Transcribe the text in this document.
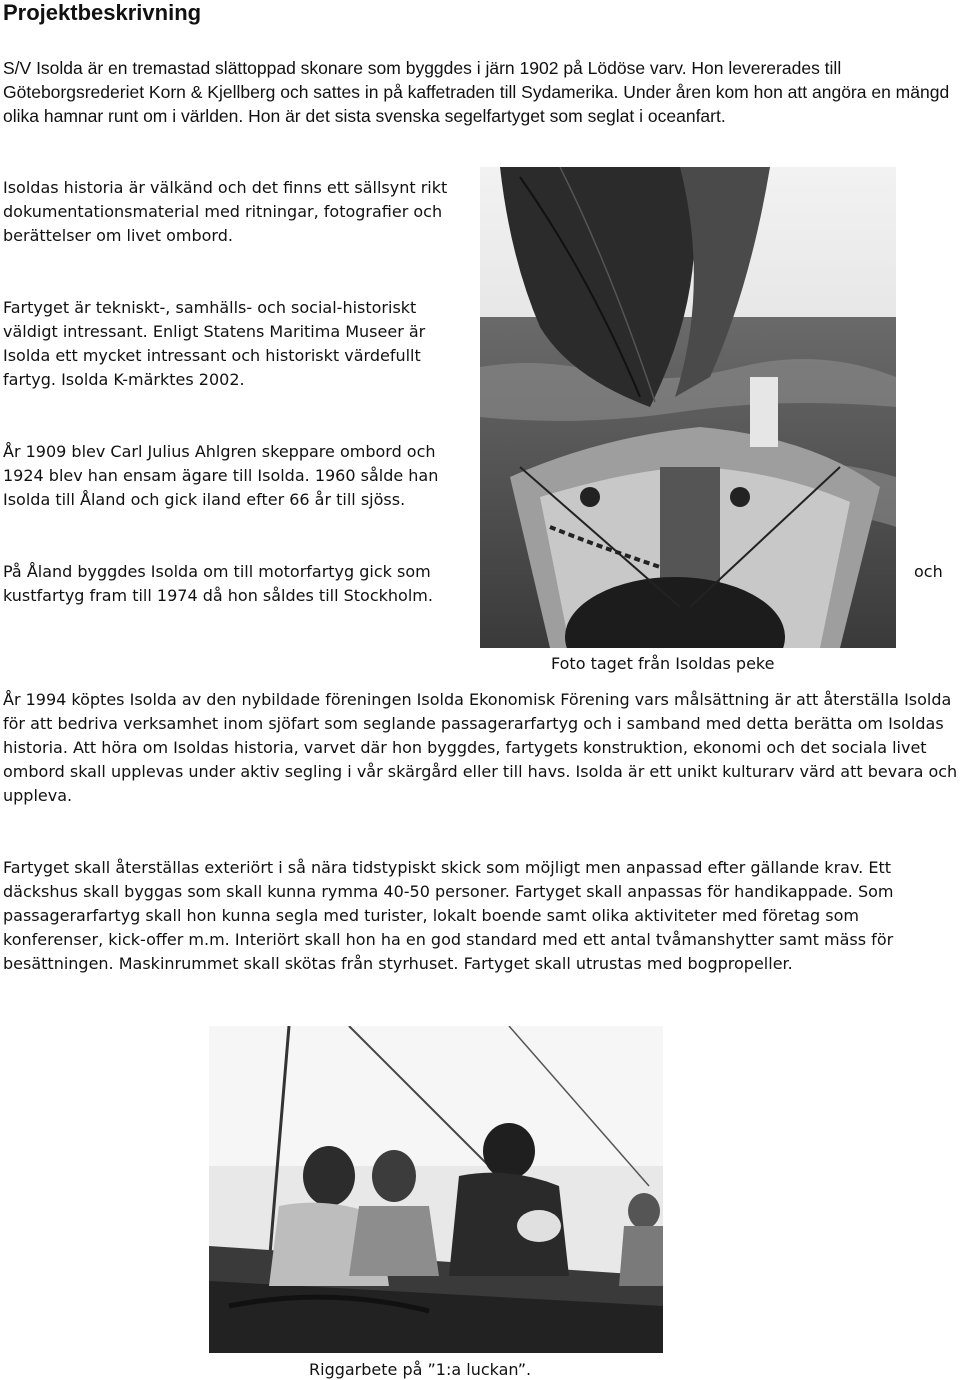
Projektbeskrivning

S/V Isolda är en tremastad slättoppad skonare som byggdes i järn 1902 på Lödöse varv. Hon levererades till Göteborgsrederiet Korn & Kjellberg och sattes in på kaffetraden till Sydamerika. Under åren kom hon att angöra en mängd olika hamnar runt om i världen. Hon är det sista svenska segelfartyget som seglat i oceanfart.

Isoldas historia är välkänd och det finns ett sällsynt rikt dokumentationsmaterial med ritningar, fotografier och berättelser om livet ombord.

Fartyget är tekniskt-, samhälls- och social-historiskt väldigt intressant. Enligt Statens Maritima Museer är Isolda ett mycket intressant och historiskt värdefullt fartyg. Isolda K-märktes 2002.

År 1909 blev Carl Julius Ahlgren skeppare ombord och 1924 blev han ensam ägare till Isolda. 1960 sålde han Isolda till Åland och gick iland efter 66 år till sjöss.

På Åland byggdes Isolda om till motorfartyg gick som kustfartyg fram till 1974 då hon såldes till Stockholm.

och
Foto taget från Isoldas peke

År 1994 köptes Isolda av den nybildade föreningen Isolda Ekonomisk Förening vars målsättning är att återställa Isolda för att bedriva verksamhet inom sjöfart som seglande passagerarfartyg och i samband med detta berätta om Isoldas historia. Att höra om Isoldas historia, varvet där hon byggdes, fartygets konstruktion, ekonomi och det sociala livet ombord skall upplevas under aktiv segling i vår skärgård eller till havs. Isolda är ett unikt kulturarv värd att bevara och uppleva.

Fartyget skall återställas exteriört i så nära tidstypiskt skick som möjligt men anpassad efter gällande krav. Ett däckshus skall byggas som skall kunna rymma 40-50 personer. Fartyget skall anpassas för handikappade. Som passagerarfartyg skall hon kunna segla med turister, lokalt boende samt olika aktiviteter med företag som konferenser, kick-offer m.m. Interiört skall hon ha en god standard med ett antal tvåmanshytter samt mäss för besättningen. Maskinrummet skall skötas från styrhuset. Fartyget skall utrustas med bogpropeller.

Riggarbete på ”1:a luckan”.
